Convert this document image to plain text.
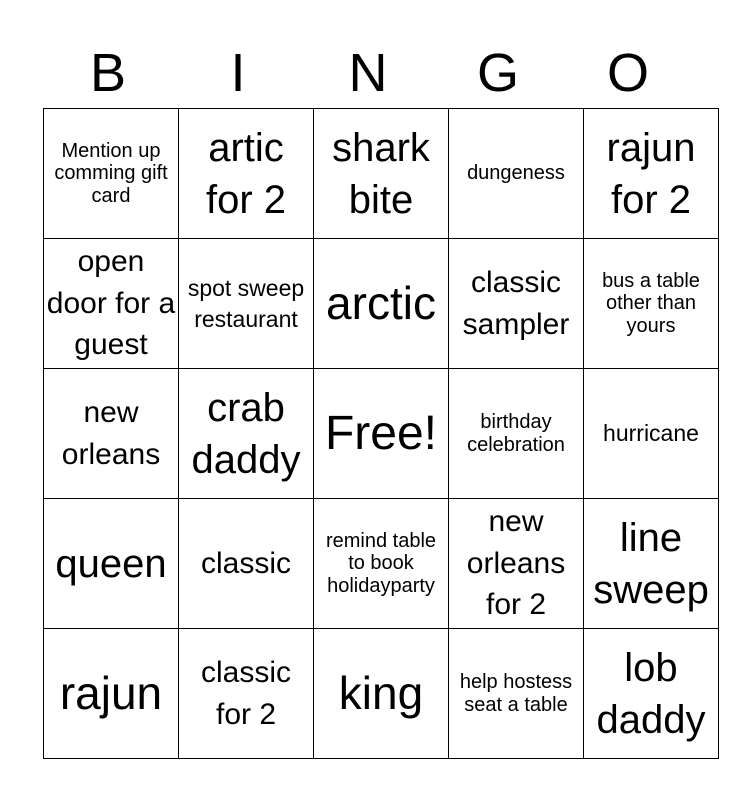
B	I	N	G	O
Mention up comming gift card	artic for 2	shark bite	dungeness	rajun for 2

open door for a guest	spot sweep restaurant	arctic	classic sampler	bus a table other than yours

new orleans	crab daddy	Free!	birthday celebration	hurricane

queen	classic	remind table to book holidayparty	new orleans for 2	line sweep

rajun	classic for 2	king	help hostess seat a table	lob daddy
